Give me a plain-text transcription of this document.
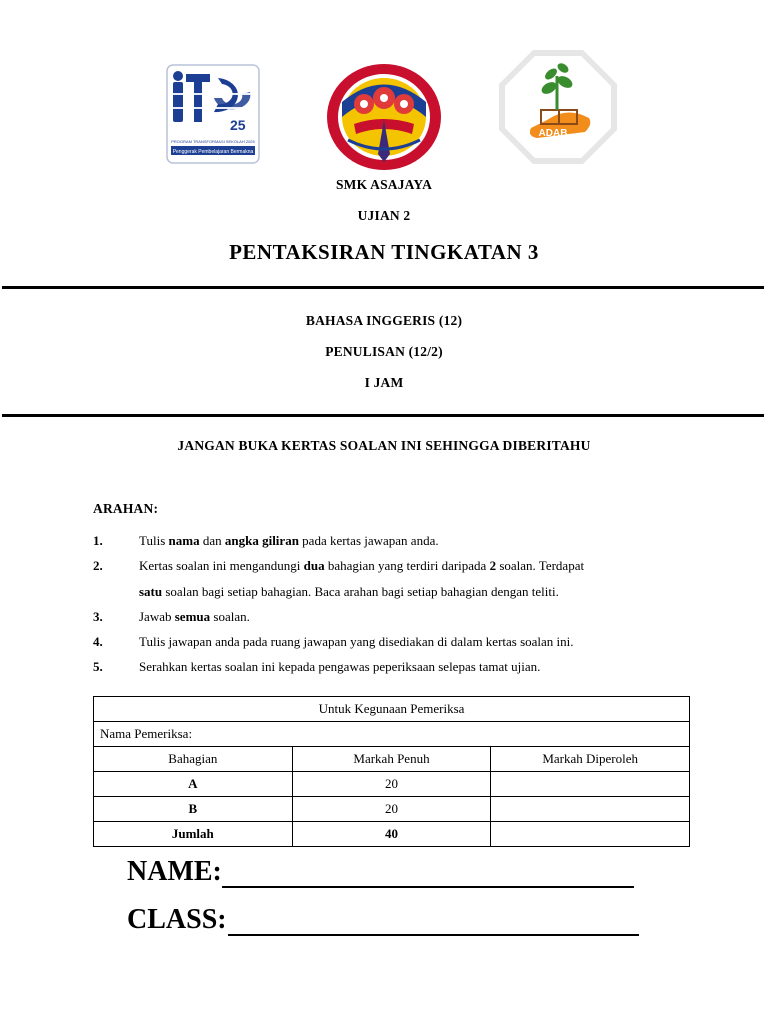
25
PROGRAM TRANSFORMASI SEKOLAH 2025
Penggerak Pembelajaran Bermakna
ADAB
SMK ASAJAYA
UJIAN 2
PENTAKSIRAN TINGKATAN 3
BAHASA INGGERIS (12)
PENULISAN (12/2)
I JAM
JANGAN BUKA KERTAS SOALAN INI SEHINGGA DIBERITAHU
ARAHAN:
1.	Tulis nama dan angka giliran pada kertas jawapan anda.
2.	Kertas soalan ini mengandungi dua bahagian yang terdiri daripada 2 soalan. Terdapat
satu soalan bagi setiap bahagian. Baca arahan bagi setiap bahagian dengan teliti.
3.	Jawab semua soalan.
4.	Tulis jawapan anda pada ruang jawapan yang disediakan di dalam kertas soalan ini.
5.	Serahkan kertas soalan ini kepada pengawas peperiksaan selepas tamat ujian.
Untuk Kegunaan Pemeriksa		
Nama Pemeriksa:		
Bahagian	Markah Penuh	Markah Diperoleh
A	20	
B	20	
Jumlah	40	
NAME:
CLASS:
